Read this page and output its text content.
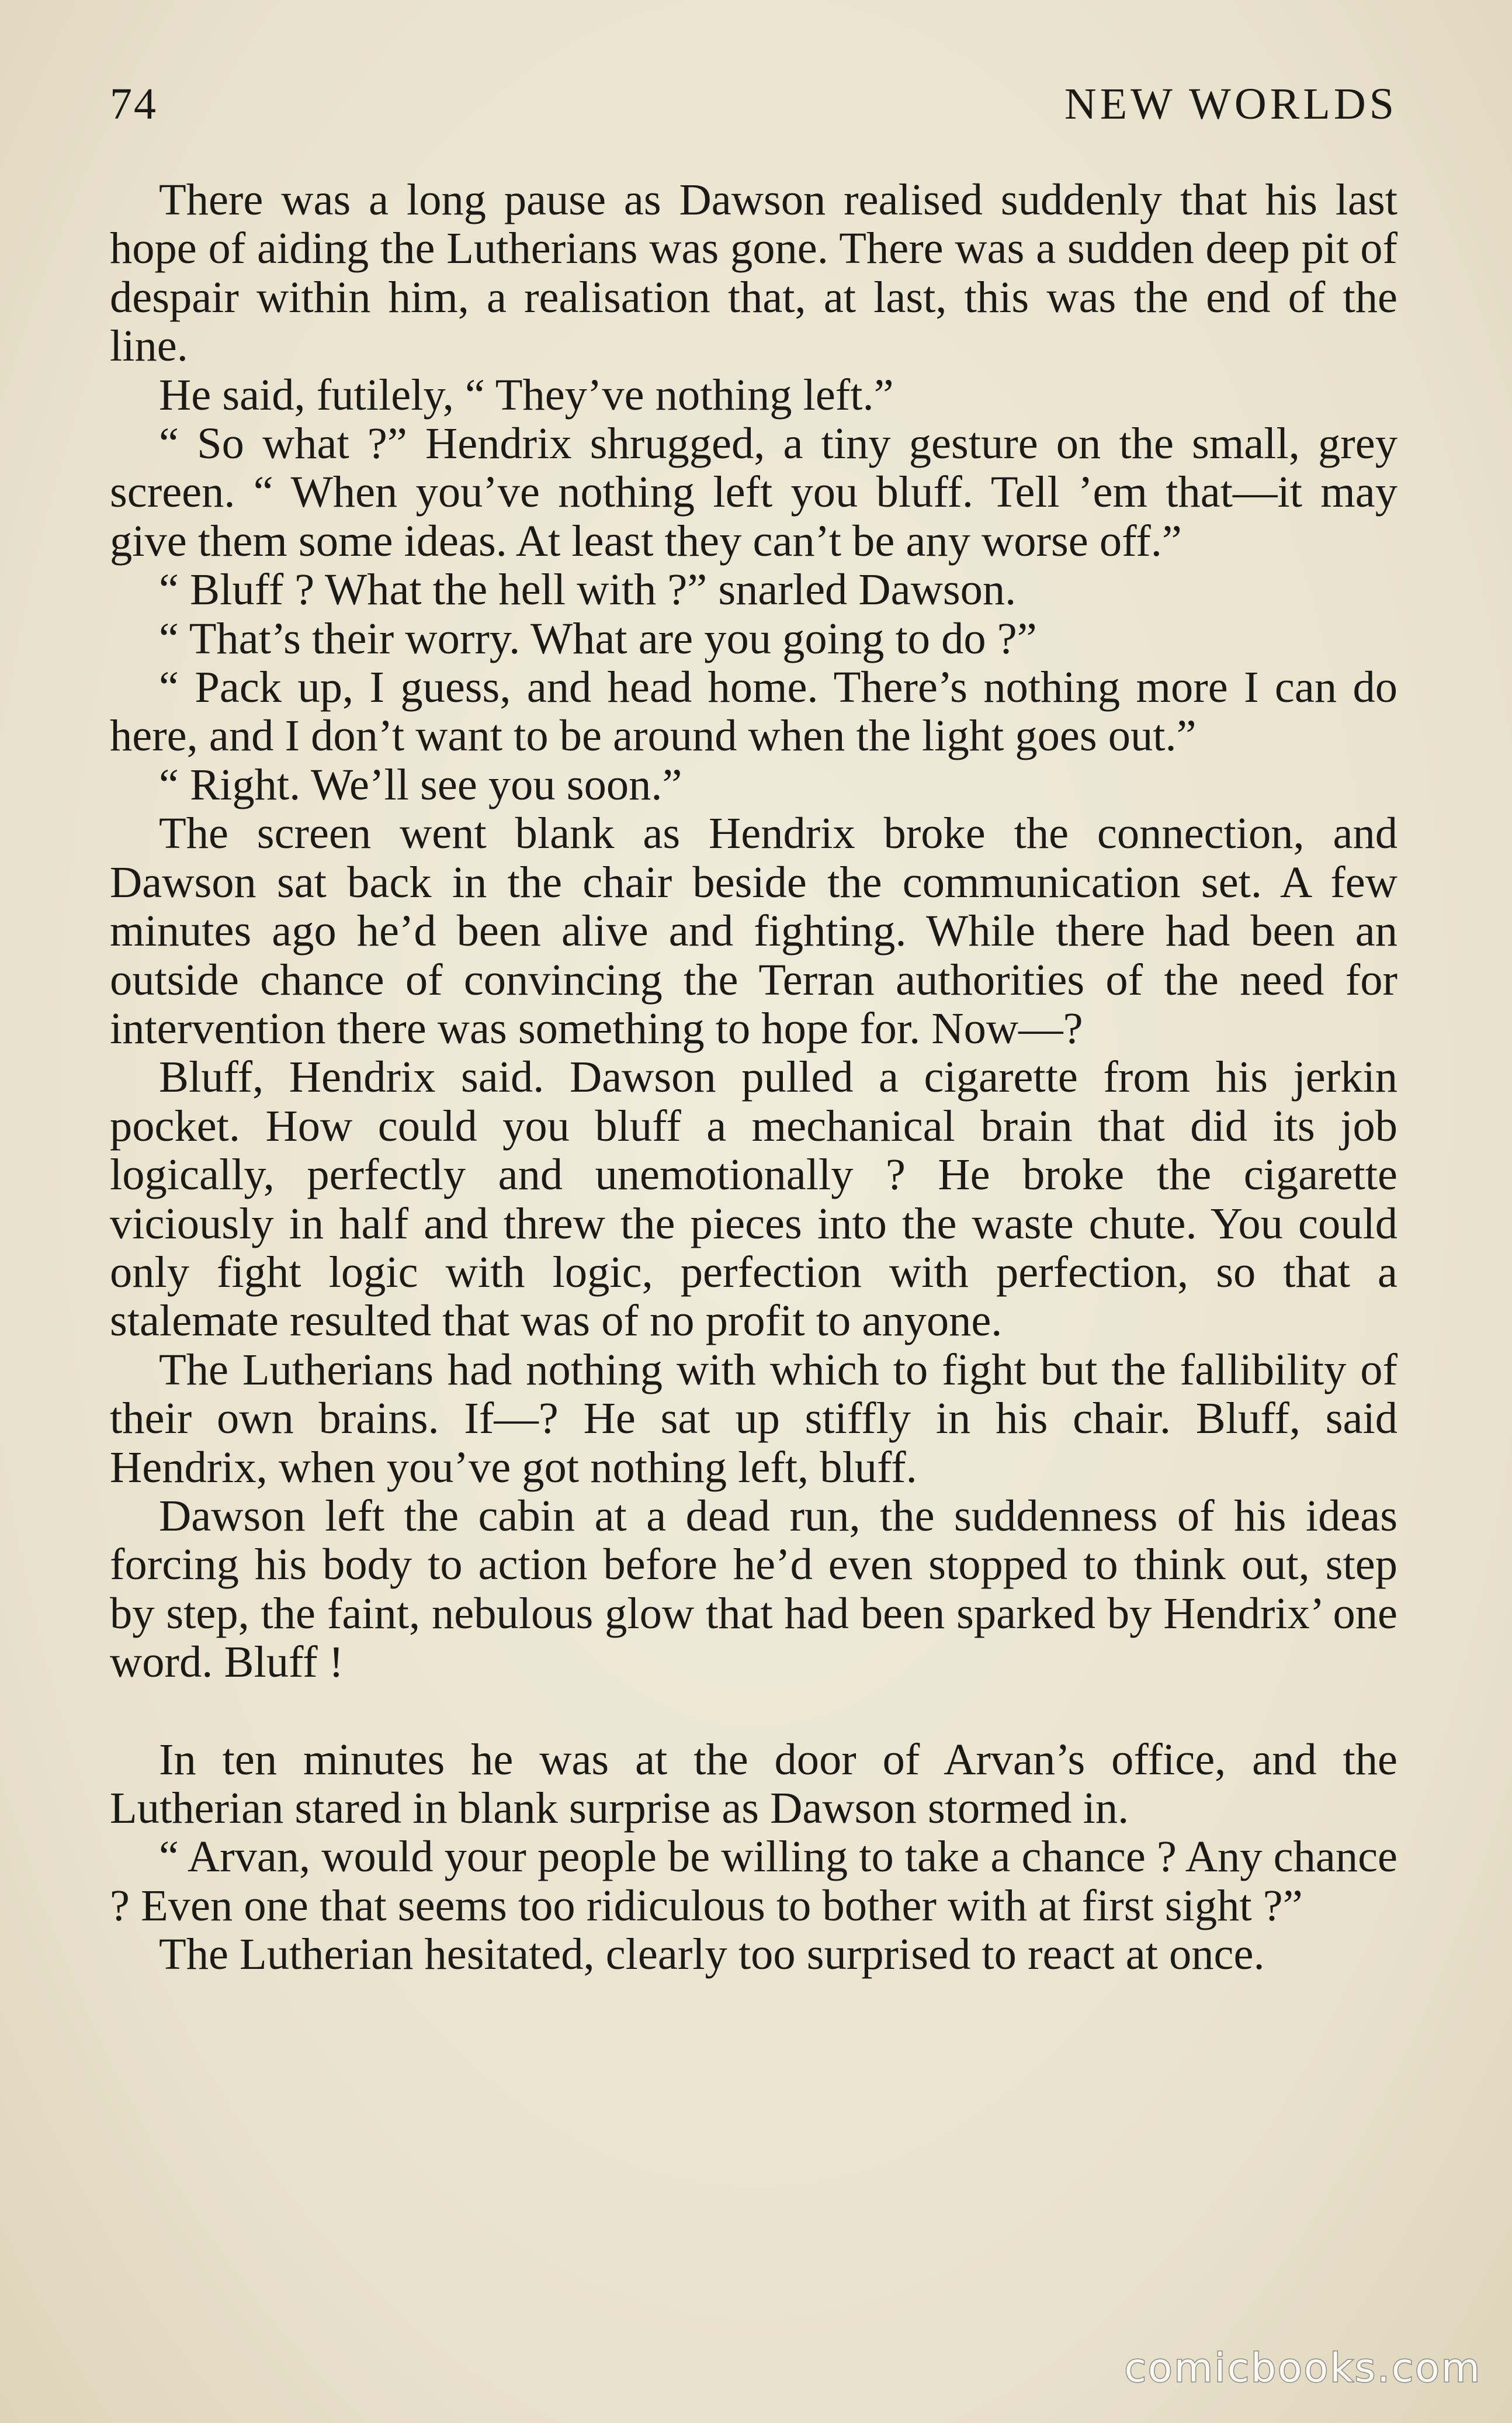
74	NEW WORLDS

There was a long pause as Dawson realised suddenly that his last hope of aiding the Lutherians was gone. There was a sudden deep pit of despair within him, a realisation that, at last, this was the end of the line.

He said, futilely, “ They’ve nothing left.”

“ So what ?” Hendrix shrugged, a tiny gesture on the small, grey screen. “ When you’ve nothing left you bluff. Tell ’em that—it may give them some ideas. At least they can’t be any worse off.”

“ Bluff ? What the hell with ?” snarled Dawson.

“ That’s their worry. What are you going to do ?”

“ Pack up, I guess, and head home. There’s nothing more I can do here, and I don’t want to be around when the light goes out.”

“ Right. We’ll see you soon.”

The screen went blank as Hendrix broke the connection, and Dawson sat back in the chair beside the communication set. A few minutes ago he’d been alive and fighting. While there had been an outside chance of convincing the Terran authorities of the need for intervention there was something to hope for. Now—?

Bluff, Hendrix said. Dawson pulled a cigarette from his jerkin pocket. How could you bluff a mechanical brain that did its job logically, perfectly and unemotionally ? He broke the cigarette viciously in half and threw the pieces into the waste chute. You could only fight logic with logic, perfection with perfection, so that a stalemate resulted that was of no profit to anyone.

The Lutherians had nothing with which to fight but the fallibility of their own brains. If—? He sat up stiffly in his chair. Bluff, said Hendrix, when you’ve got nothing left, bluff.

Dawson left the cabin at a dead run, the suddenness of his ideas forcing his body to action before he’d even stopped to think out, step by step, the faint, nebulous glow that had been sparked by Hendrix’ one word. Bluff !

In ten minutes he was at the door of Arvan’s office, and the Lutherian stared in blank surprise as Dawson stormed in.

“ Arvan, would your people be willing to take a chance ? Any chance ? Even one that seems too ridiculous to bother with at first sight ?”

The Lutherian hesitated, clearly too surprised to react at once.

comicbooks.com
